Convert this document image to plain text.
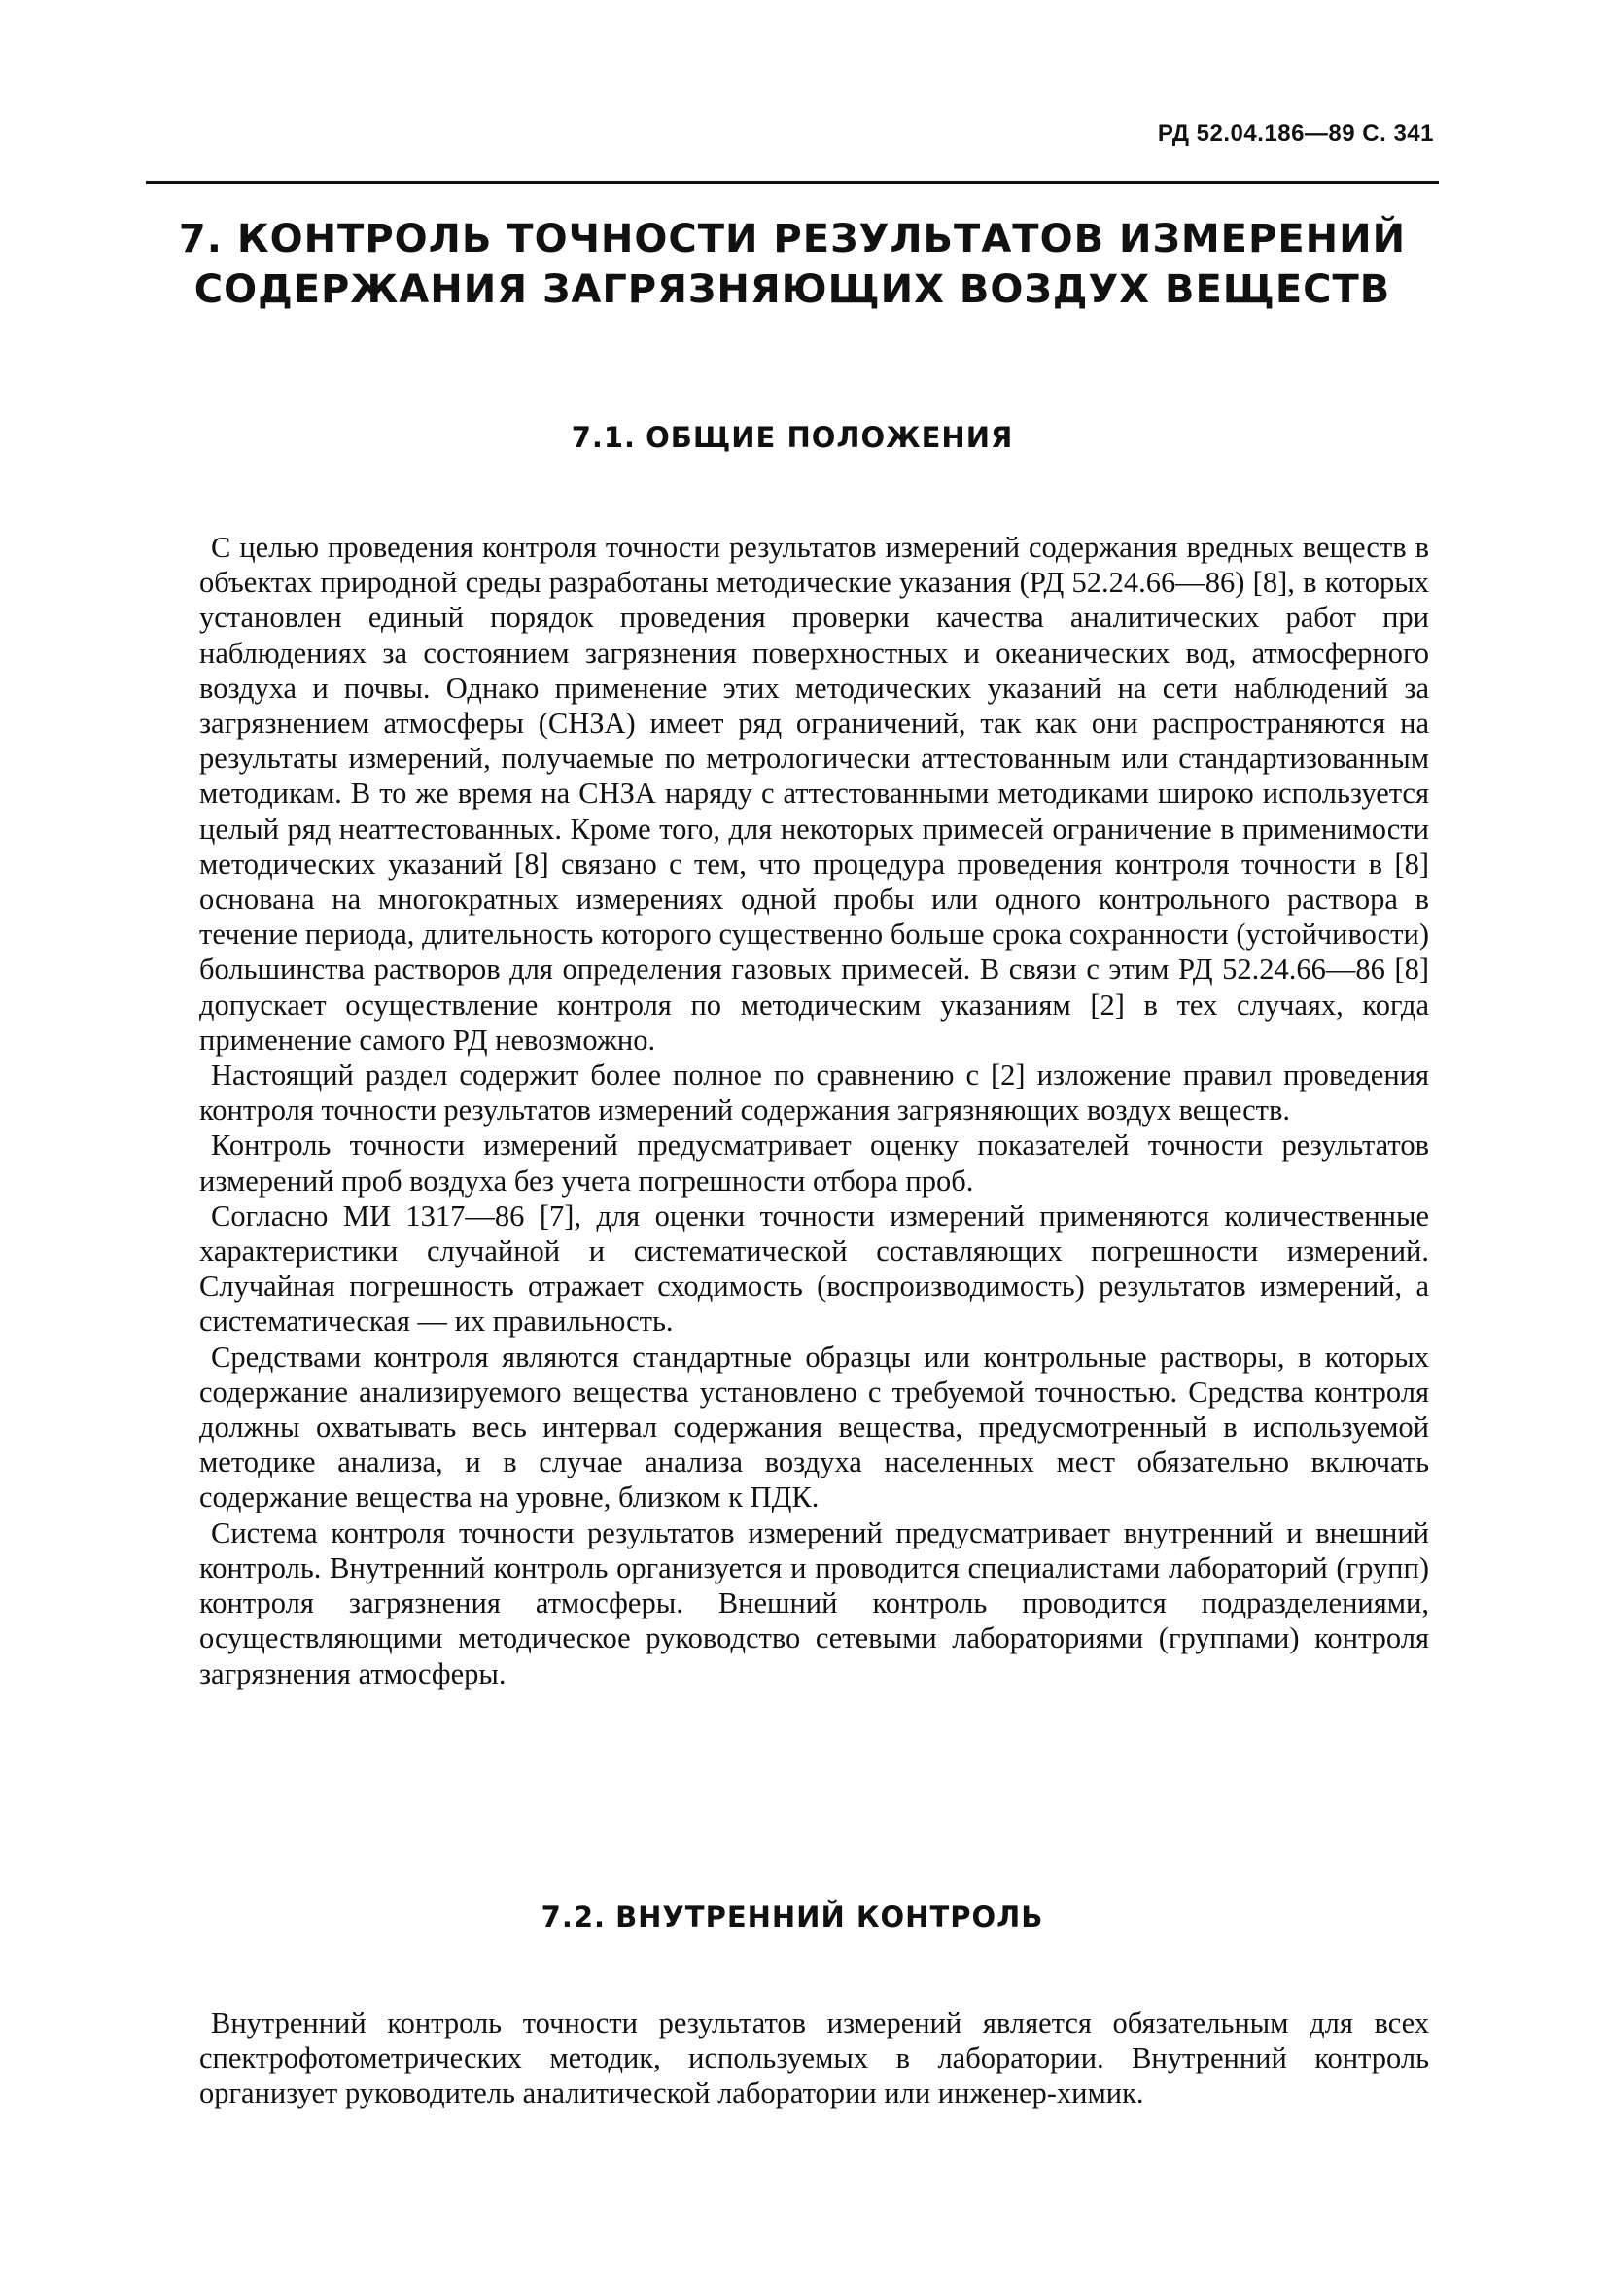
РД 52.04.186—89 С. 341
7. КОНТРОЛЬ ТОЧНОСТИ РЕЗУЛЬТАТОВ ИЗМЕРЕНИЙ
СОДЕРЖАНИЯ ЗАГРЯЗНЯЮЩИХ ВОЗДУХ ВЕЩЕСТВ
7.1. ОБЩИЕ ПОЛОЖЕНИЯ

С целью проведения контроля точности результатов измерений содержания вредных веществ в объектах природной среды разработаны методические указания (РД 52.24.66—86) [8], в которых установлен единый порядок проведения проверки качества аналитических работ при наблюдениях за состоянием загрязнения поверхностных и океанических вод, атмосферного воздуха и почвы. Однако применение этих методических указаний на сети наблюдений за загрязнением атмосферы (СНЗА) имеет ряд ограничений, так как они распространяются на результаты измерений, получаемые по метрологически аттестованным или стандартизованным методикам. В то же время на СНЗА наряду с аттестованными методиками широко используется целый ряд неаттестованных. Кроме того, для некоторых примесей ограничение в применимости методических указаний [8] связано с тем, что процедура проведения контроля точности в [8] основана на многократных измерениях одной пробы или одного контрольного раствора в течение периода, длительность которого существенно больше срока сохранности (устойчивости) большинства растворов для определения газовых примесей. В связи с этим РД 52.24.66—86 [8] допускает осуществление контроля по методическим указаниям [2] в тех случаях, когда применение самого РД невозможно.

Настоящий раздел содержит более полное по сравнению с [2] изложение правил проведения контроля точности результатов измерений содержания загрязняющих воздух веществ.

Контроль точности измерений предусматривает оценку показателей точности результатов измерений проб воздуха без учета погрешности отбора проб.

Согласно МИ 1317—86 [7], для оценки точности измерений применяются количественные характеристики случайной и систематической составляющих погрешности измерений. Случайная погрешность отражает сходимость (воспроизводимость) результатов измерений, а систематическая — их правильность.

Средствами контроля являются стандартные образцы или контрольные растворы, в которых содержание анализируемого вещества установлено с требуемой точностью. Средства контроля должны охватывать весь интервал содержания вещества, предусмотренный в используемой методике анализа, и в случае анализа воздуха населенных мест обязательно включать содержание вещества на уровне, близком к ПДК.

Система контроля точности результатов измерений предусматривает внутренний и внешний контроль. Внутренний контроль организуется и проводится специалистами лабораторий (групп) контроля загрязнения атмосферы. Внешний контроль проводится подразделениями, осуществляющими методическое руководство сетевыми лабораториями (группами) контроля загрязнения атмосферы.

7.2. ВНУТРЕННИЙ КОНТРОЛЬ

Внутренний контроль точности результатов измерений является обязательным для всех спектрофотометрических методик, используемых в лаборатории. Внутренний контроль организует руководитель аналитической лаборатории или инженер-химик.
